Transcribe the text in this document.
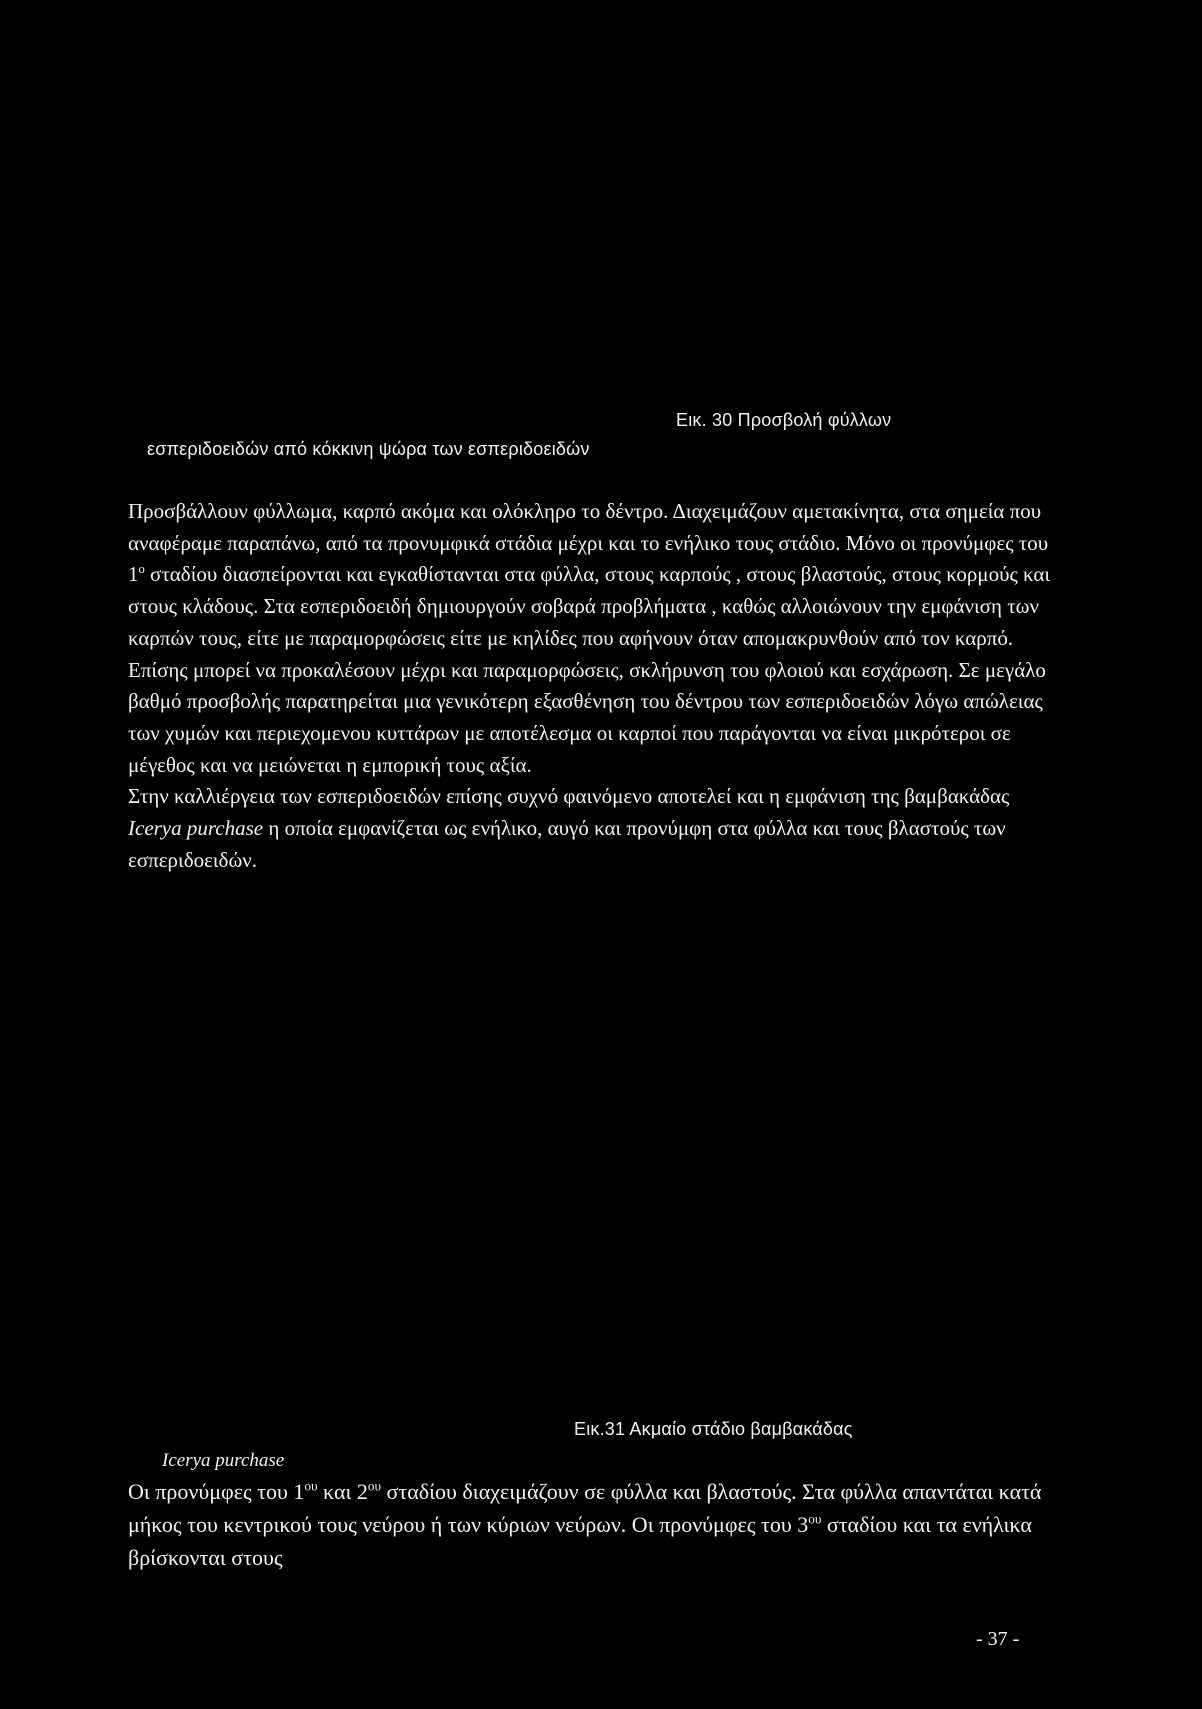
Εικ. 30 Προσβολή φύλλων
εσπεριδοειδών από κόκκινη ψώρα των εσπεριδοειδών

Προσβάλλουν φύλλωμα, καρπό ακόμα και ολόκληρο το δέντρο. Διαχειμάζουν αμετακίνητα, στα σημεία που αναφέραμε παραπάνω, από τα προνυμφικά στάδια μέχρι και το ενήλικο τους στάδιο. Μόνο οι προνύμφες του $1^o$ σταδίου διασπείρονται και εγκαθίστανται στα φύλλα, στους καρπούς , στους βλαστούς, στους κορμούς και στους κλάδους. Στα εσπεριδοειδή δημιουργούν σοβαρά προβλήματα , καθώς αλλοιώνουν την εμφάνιση των καρπών τους, είτε με παραμορφώσεις είτε με κηλίδες που αφήνουν όταν απομακρυνθούν από τον καρπό. Επίσης μπορεί να προκαλέσουν μέχρι και παραμορφώσεις, σκλήρυνση του φλοιού και εσχάρωση. Σε μεγάλο βαθμό προσβολής παρατηρείται μια γενικότερη εξασθένηση του δέντρου των εσπεριδοειδών λόγω απώλειας των χυμών και περιεχομενου κυττάρων με αποτέλεσμα οι καρποί που παράγονται να είναι μικρότεροι σε μέγεθος και να μειώνεται η εμπορική τους αξία.

Στην καλλιέργεια των εσπεριδοειδών επίσης συχνό φαινόμενο αποτελεί και η εμφάνιση της βαμβακάδας Icerya purchase η οποία εμφανίζεται ως ενήλικο, αυγό και προνύμφη στα φύλλα και τους βλαστούς των εσπεριδοειδών.

Εικ.31 Ακμαίο στάδιο βαμβακάδας
Icerya purchase

Οι προνύμφες του $1^{o\upsilon}$ και $2^{o\upsilon}$ σταδίου διαχειμάζουν σε φύλλα και βλαστούς. Στα φύλλα απαντάται κατά μήκος του κεντρικού τους νεύρου ή των κύριων νεύρων. Οι προνύμφες του $3^{o\upsilon}$ σταδίου και τα ενήλικα βρίσκονται στους

- 37 -
